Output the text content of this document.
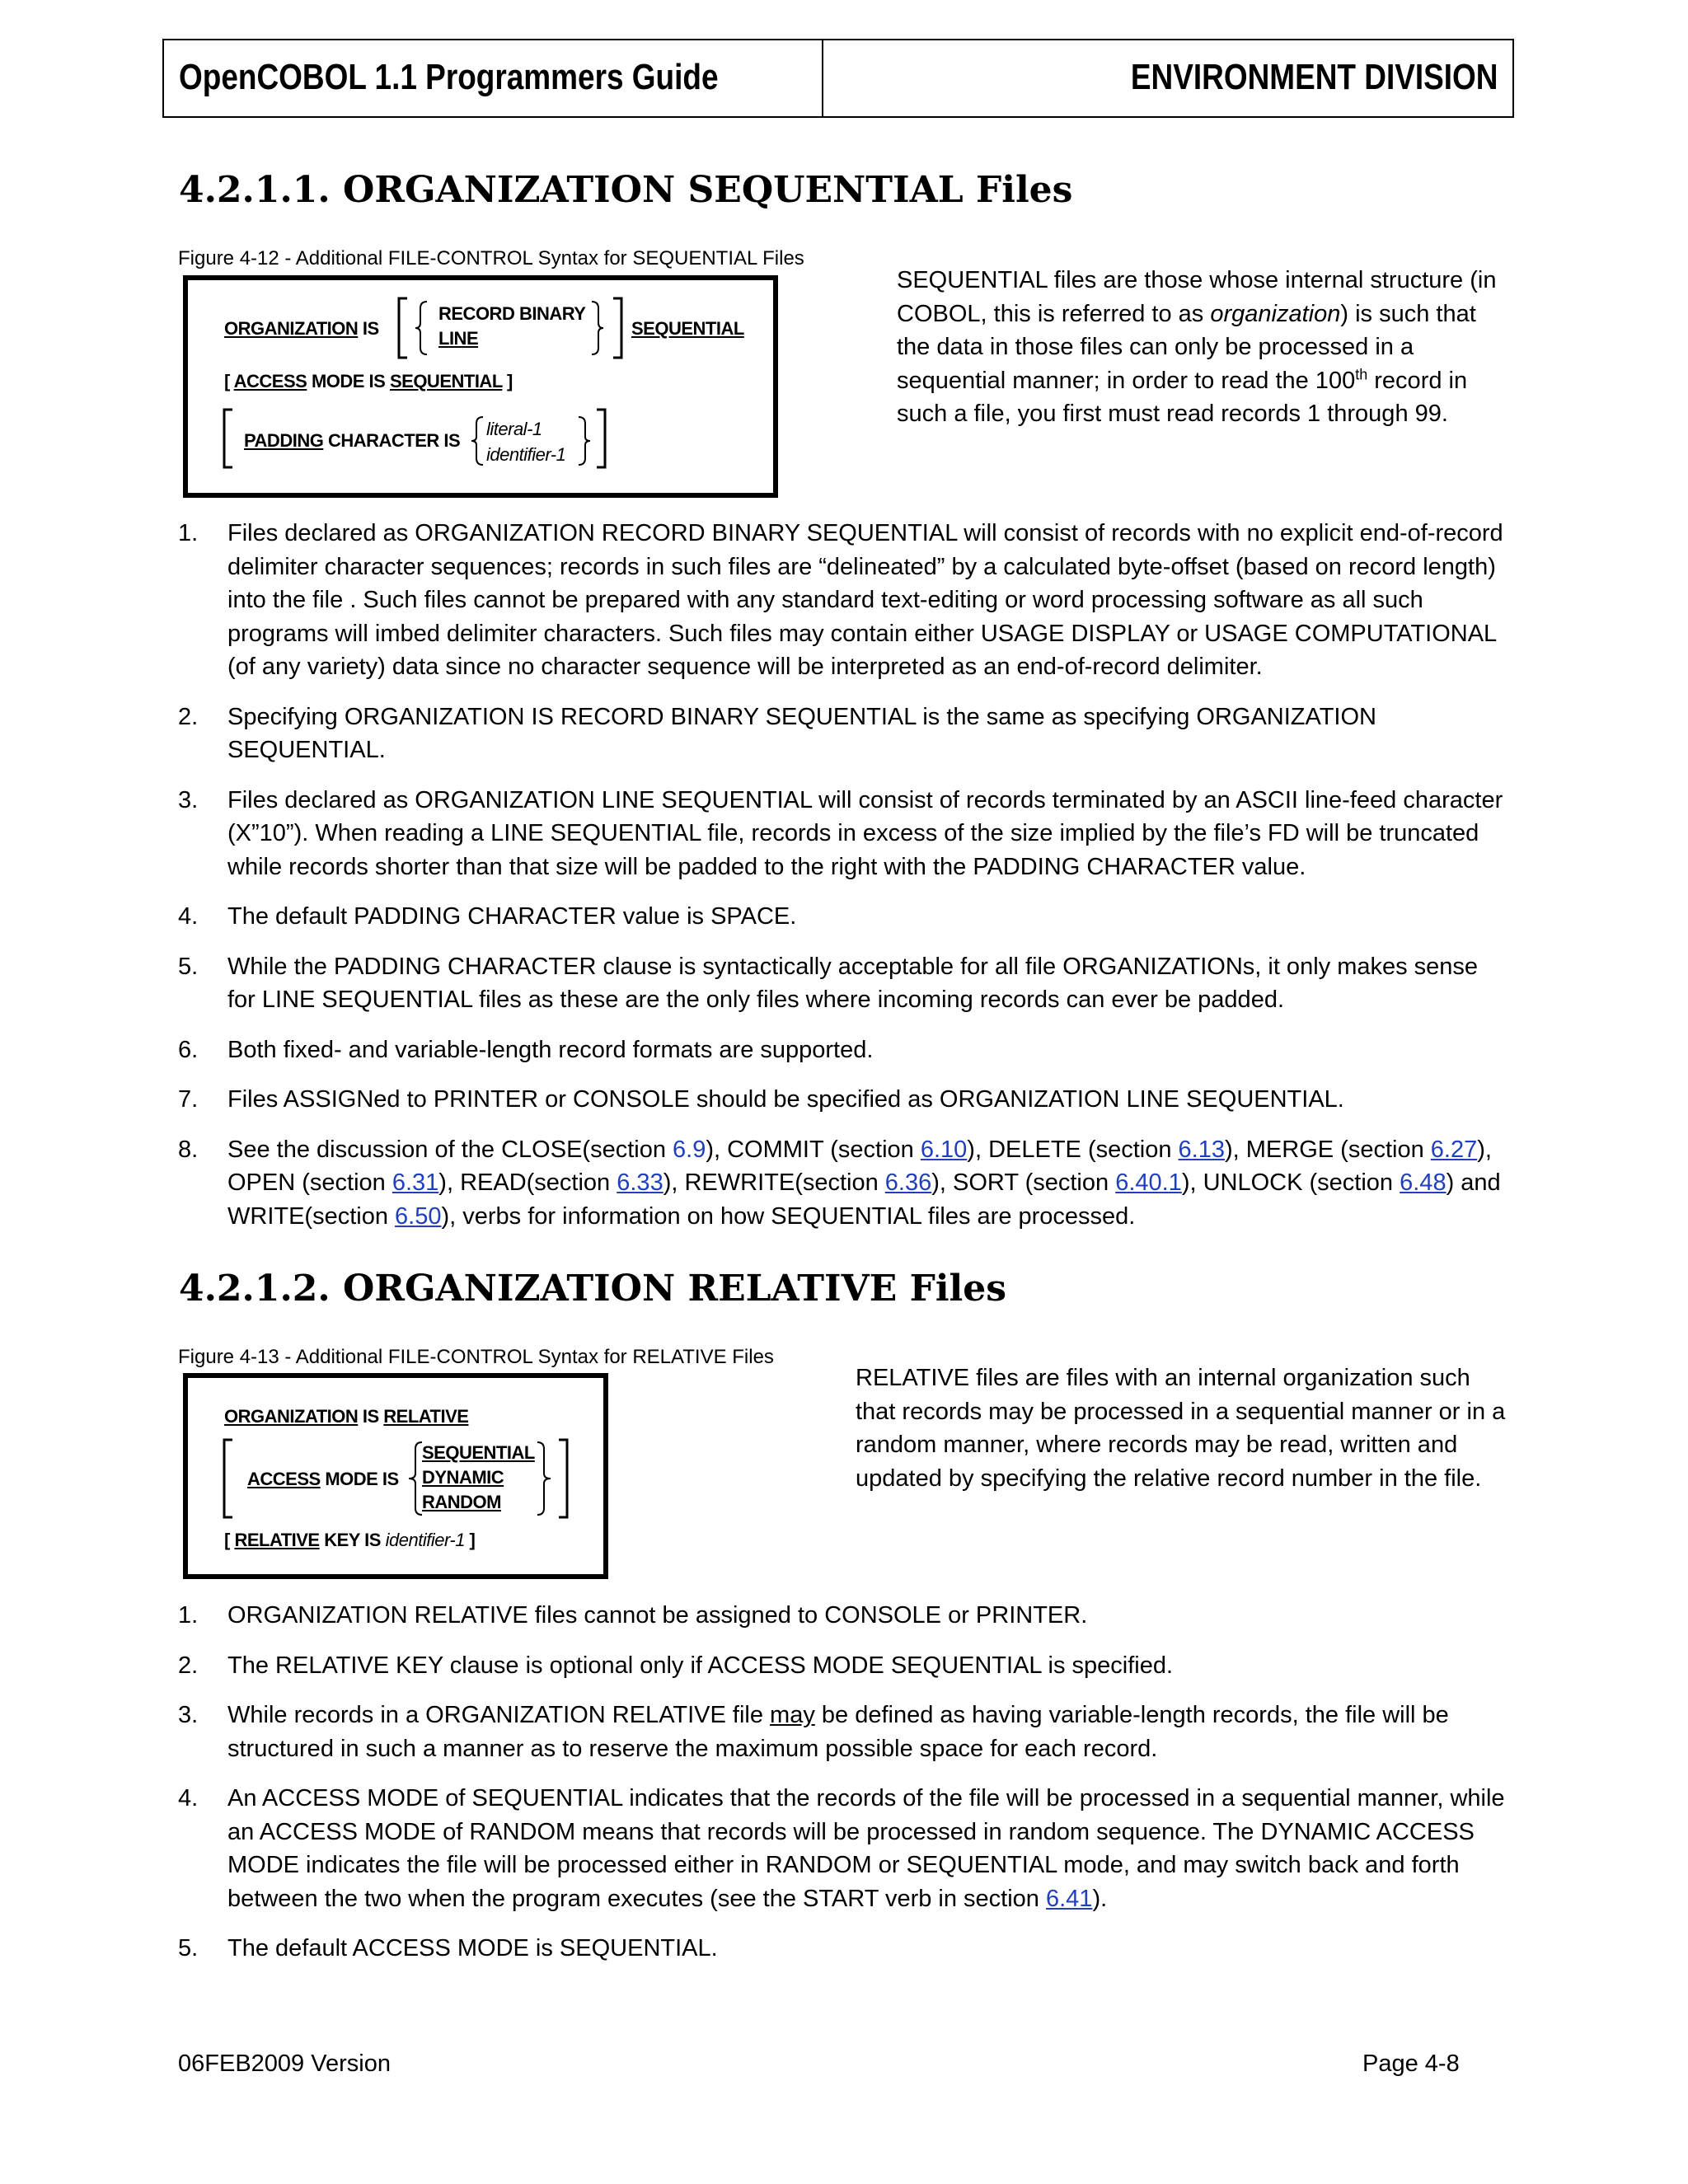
OpenCOBOL 1.1 Programmers Guide	ENVIRONMENT DIVISION
4.2.1.1. ORGANIZATION SEQUENTIAL Files
Figure 4-12 - Additional FILE-CONTROL Syntax for SEQUENTIAL Files
ORGANIZATION IS
RECORD BINARY
LINE	SEQUENTIAL
[ ACCESS MODE IS SEQUENTIAL ]
PADDING CHARACTER IS
literal-1
identifier-1
SEQUENTIAL files are those whose internal structure (in COBOL, this is referred to as organization) is such that the data in those files can only be processed in a sequential manner; in order to read the 100th record in such a file, you first must read records 1 through 99.
1. Files declared as ORGANIZATION RECORD BINARY SEQUENTIAL will consist of records with no explicit end-of-record delimiter character sequences; records in such files are “delineated” by a calculated byte-offset (based on record length) into the file . Such files cannot be prepared with any standard text-editing or word processing software as all such programs will imbed delimiter characters. Such files may contain either USAGE DISPLAY or USAGE COMPUTATIONAL (of any variety) data since no character sequence will be interpreted as an end-of-record delimiter.
2. Specifying ORGANIZATION IS RECORD BINARY SEQUENTIAL is the same as specifying ORGANIZATION SEQUENTIAL.
3. Files declared as ORGANIZATION LINE SEQUENTIAL will consist of records terminated by an ASCII line-feed character (X”10”). When reading a LINE SEQUENTIAL file, records in excess of the size implied by the file’s FD will be truncated while records shorter than that size will be padded to the right with the PADDING CHARACTER value.
4. The default PADDING CHARACTER value is SPACE.
5. While the PADDING CHARACTER clause is syntactically acceptable for all file ORGANIZATIONs, it only makes sense for LINE SEQUENTIAL files as these are the only files where incoming records can ever be padded.
6. Both fixed- and variable-length record formats are supported.
7. Files ASSIGNed to PRINTER or CONSOLE should be specified as ORGANIZATION LINE SEQUENTIAL.
8. See the discussion of the CLOSE(section 6.9), COMMIT (section 6.10), DELETE (section 6.13), MERGE (section 6.27), OPEN (section 6.31), READ(section 6.33), REWRITE(section 6.36), SORT (section 6.40.1), UNLOCK (section 6.48) and WRITE(section 6.50), verbs for information on how SEQUENTIAL files are processed.
4.2.1.2. ORGANIZATION RELATIVE Files
Figure 4-13 - Additional FILE-CONTROL Syntax for RELATIVE Files
ORGANIZATION IS RELATIVE
ACCESS MODE IS
SEQUENTIAL
DYNAMIC
RANDOM
[ RELATIVE KEY IS identifier-1 ]
RELATIVE files are files with an internal organization such that records may be processed in a sequential manner or in a random manner, where records may be read, written and updated by specifying the relative record number in the file.
1. ORGANIZATION RELATIVE files cannot be assigned to CONSOLE or PRINTER.
2. The RELATIVE KEY clause is optional only if ACCESS MODE SEQUENTIAL is specified.
3. While records in a ORGANIZATION RELATIVE file may be defined as having variable-length records, the file will be structured in such a manner as to reserve the maximum possible space for each record.
4. An ACCESS MODE of SEQUENTIAL indicates that the records of the file will be processed in a sequential manner, while an ACCESS MODE of RANDOM means that records will be processed in random sequence. The DYNAMIC ACCESS MODE indicates the file will be processed either in RANDOM or SEQUENTIAL mode, and may switch back and forth between the two when the program executes (see the START verb in section 6.41).
5. The default ACCESS MODE is SEQUENTIAL.
06FEB2009 Version	Page 4-8
